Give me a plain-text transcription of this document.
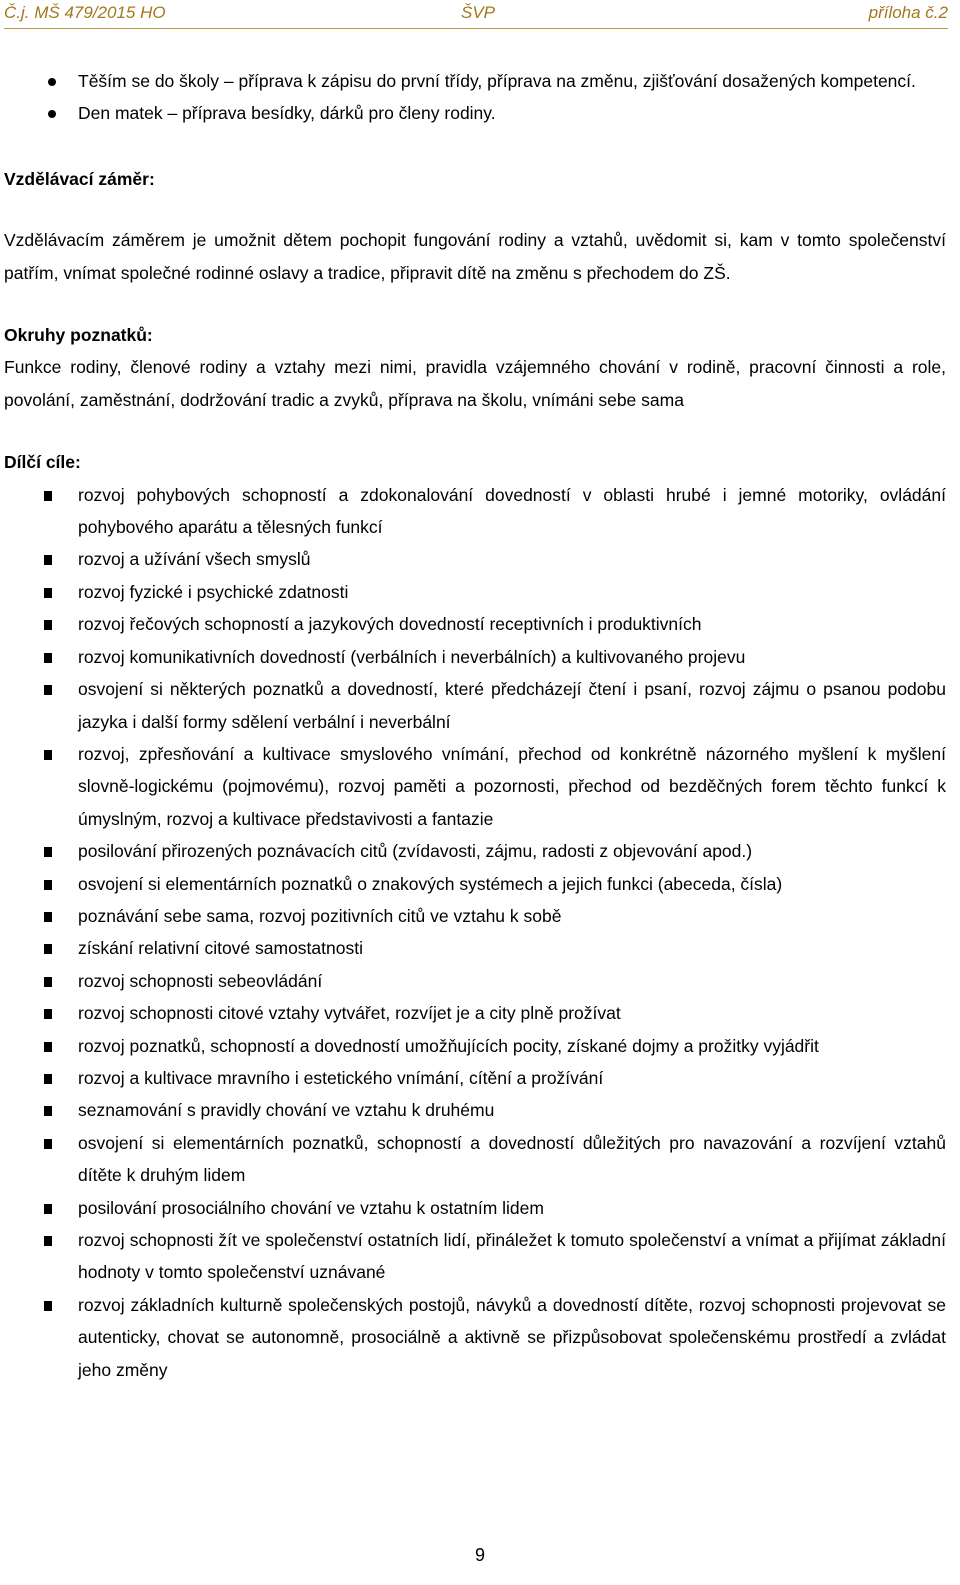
Č.j. MŠ 479/2015 HO	ŠVP	příloha č.2
Těším se do školy – příprava k zápisu do první třídy, příprava na změnu, zjišťování dosažených kompetencí.
Den matek – příprava besídky, dárků pro členy rodiny.

Vzdělávací záměr:

Vzdělávacím záměrem je umožnit dětem pochopit fungování rodiny a vztahů, uvědomit si, kam v tomto společenství patřím, vnímat společné rodinné oslavy a tradice, připravit dítě na změnu s přechodem do ZŠ.

Okruhy poznatků:

Funkce rodiny, členové rodiny a vztahy mezi nimi, pravidla vzájemného chování v rodině, pracovní činnosti a role, povolání, zaměstnání, dodržování tradic a zvyků, příprava na školu, vnímáni sebe sama

Dílčí cíle:

rozvoj pohybových schopností a zdokonalování dovedností v oblasti hrubé i jemné motoriky, ovládání pohybového aparátu a tělesných funkcí
rozvoj a užívání všech smyslů
rozvoj fyzické i psychické zdatnosti
rozvoj řečových schopností a jazykových dovedností receptivních i produktivních
rozvoj komunikativních dovedností (verbálních i neverbálních) a kultivovaného projevu
osvojení si některých poznatků a dovedností, které předcházejí čtení i psaní, rozvoj zájmu o psanou podobu jazyka i další formy sdělení verbální i neverbální
rozvoj, zpřesňování a kultivace smyslového vnímání, přechod od konkrétně názorného myšlení k myšlení slovně-logickému (pojmovému), rozvoj paměti a pozornosti, přechod od bezděčných forem těchto funkcí k úmyslným, rozvoj a kultivace představivosti a fantazie
posilování přirozených poznávacích citů (zvídavosti, zájmu, radosti z objevování apod.)
osvojení si elementárních poznatků o znakových systémech a jejich funkci (abeceda, čísla)
poznávání sebe sama, rozvoj pozitivních citů ve vztahu k sobě
získání relativní citové samostatnosti
rozvoj schopnosti sebeovládání
rozvoj schopnosti citové vztahy vytvářet, rozvíjet je a city plně prožívat
rozvoj poznatků, schopností a dovedností umožňujících pocity, získané dojmy a prožitky vyjádřit
rozvoj a kultivace mravního i estetického vnímání, cítění a prožívání
seznamování s pravidly chování ve vztahu k druhému
osvojení si elementárních poznatků, schopností a dovedností důležitých pro navazování a rozvíjení vztahů dítěte k druhým lidem
posilování prosociálního chování ve vztahu k ostatním lidem
rozvoj schopnosti žít ve společenství ostatních lidí, přináležet k tomuto společenství a vnímat a přijímat základní hodnoty v tomto společenství uznávané
rozvoj základních kulturně společenských postojů, návyků a dovedností dítěte, rozvoj schopnosti projevovat se autenticky, chovat se autonomně, prosociálně a aktivně se přizpůsobovat společenskému prostředí a zvládat jeho změny
9
